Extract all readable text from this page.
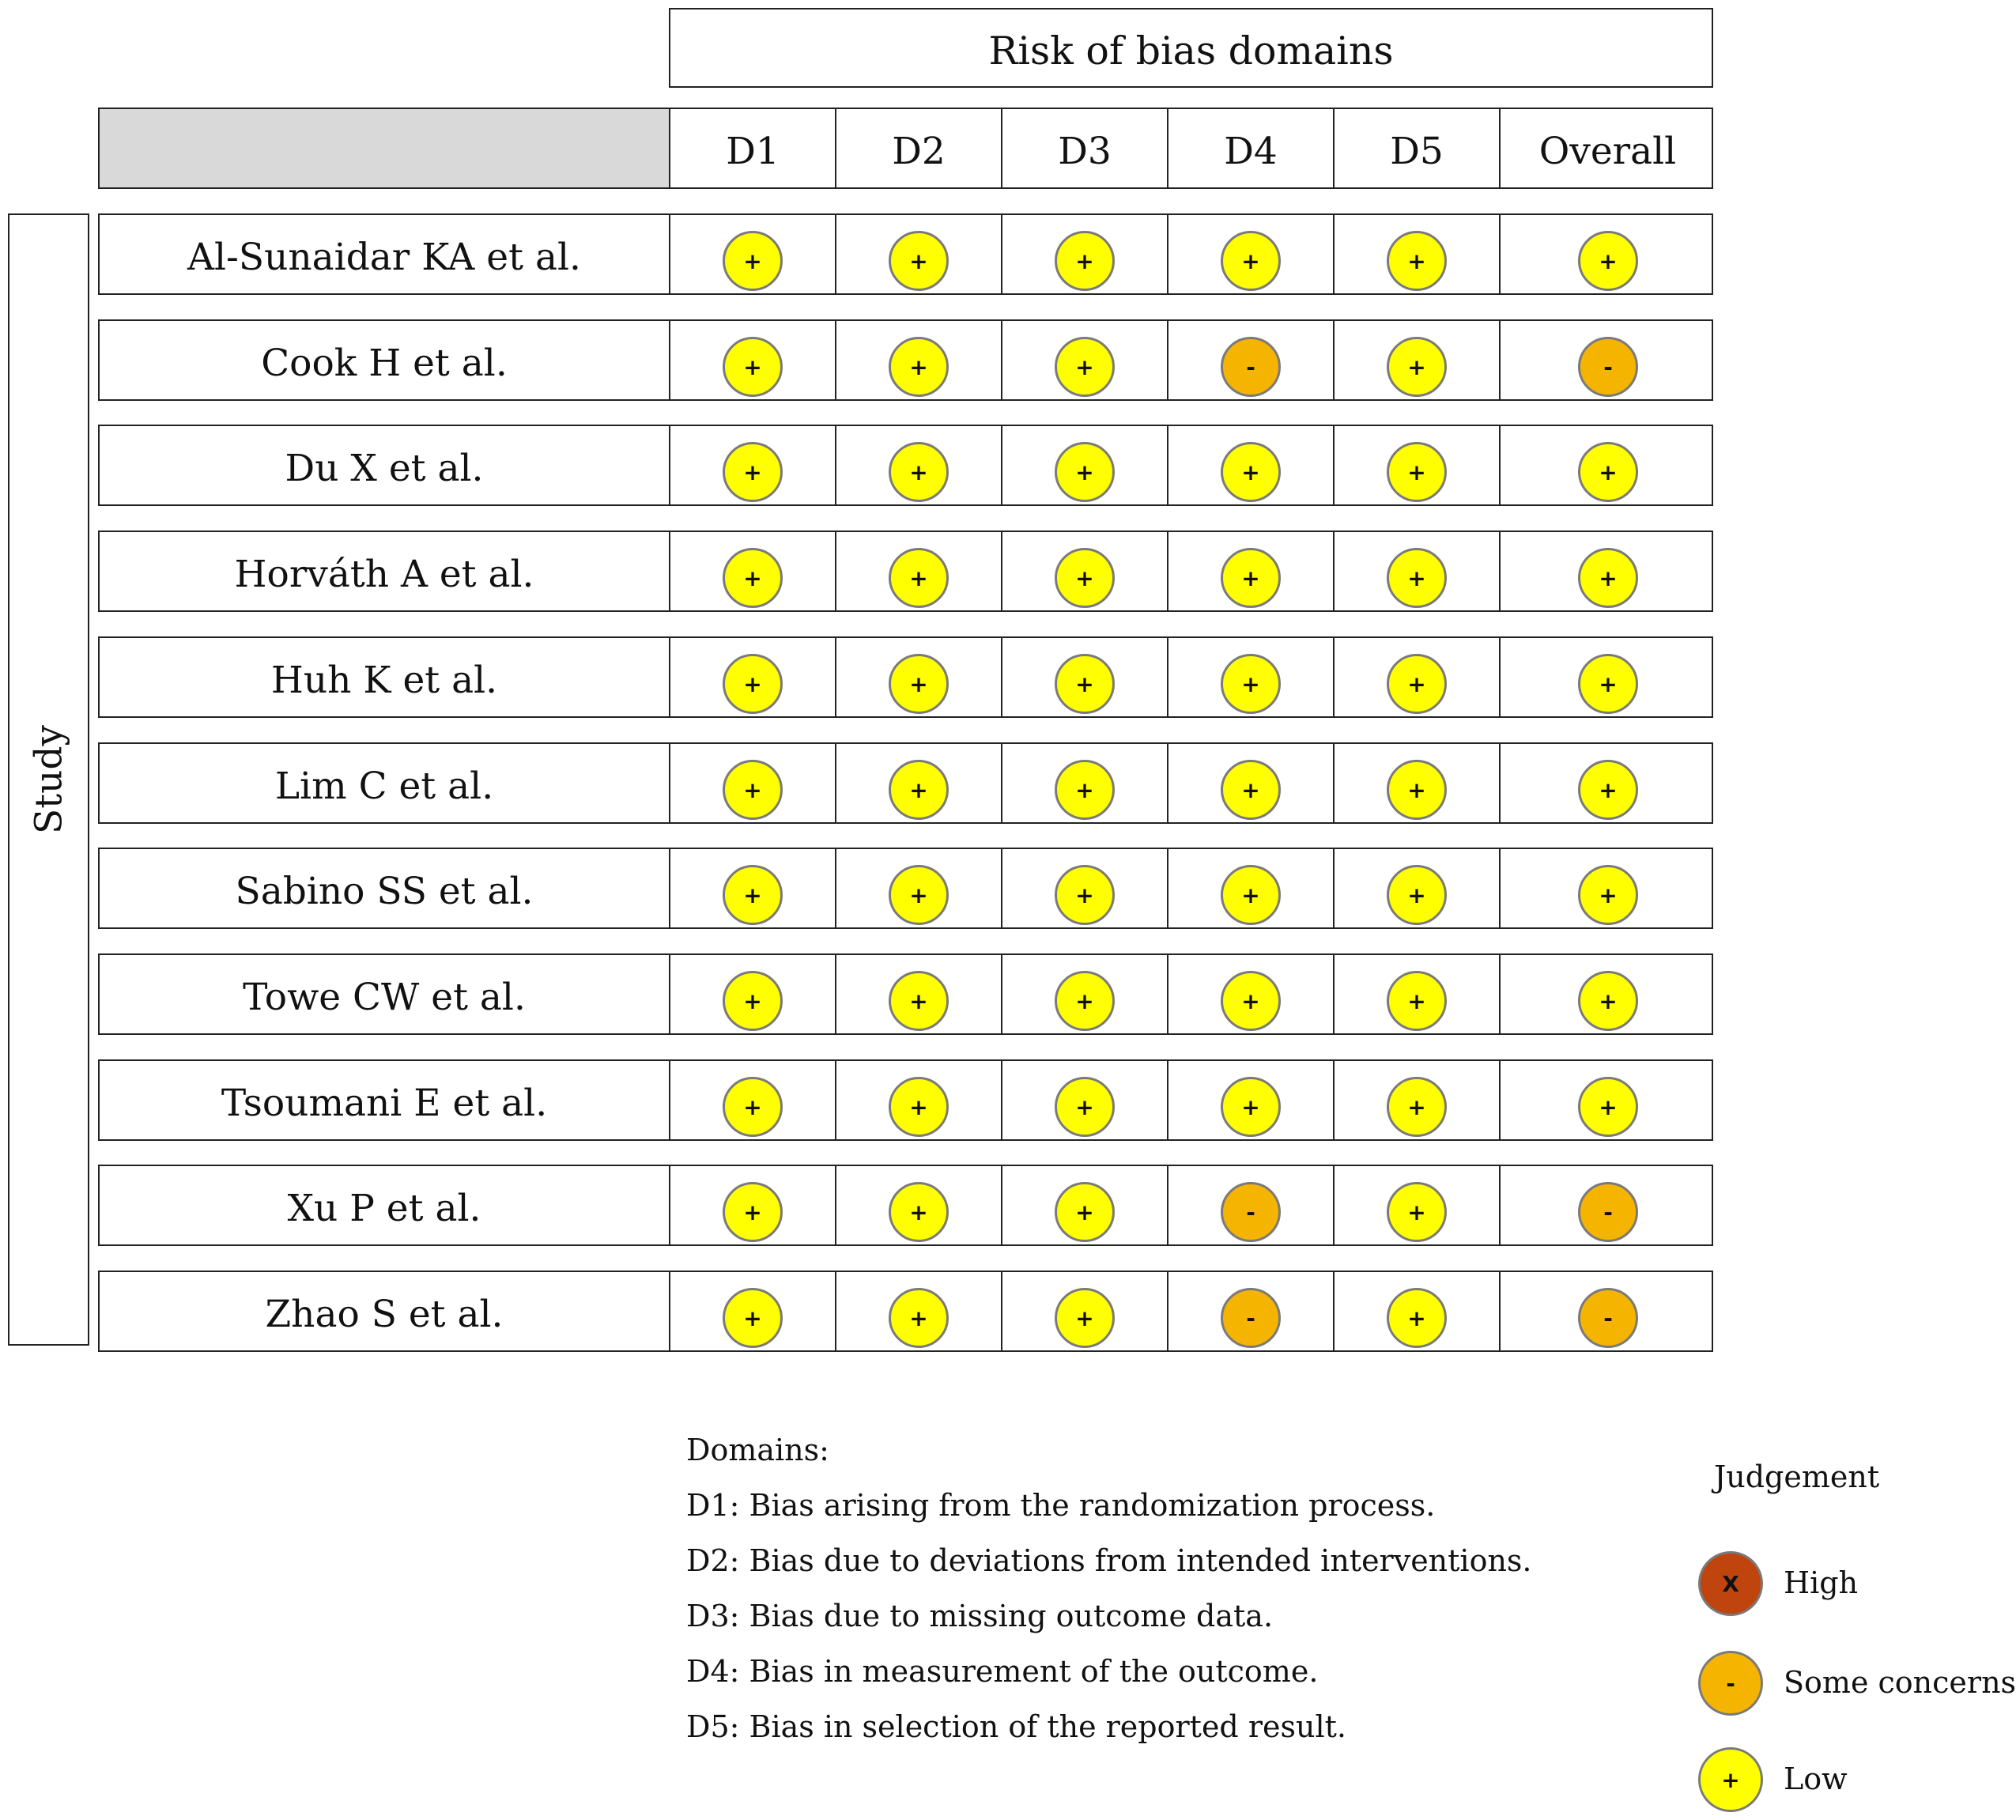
Risk of bias domains
D1	D2	D3	D4	D5	Overall
Study
Domains:
D1: Bias arising from the randomization process.
D2: Bias due to deviations from intended interventions.
D3: Bias due to missing outcome data.
D4: Bias in measurement of the outcome.
D5: Bias in selection of the reported result.
Judgement
X	High
-	Some concerns
+	Low
Al-Sunaidar KA et al.	+	+	+	+	+	+
Cook H et al.	+	+	+	-	+	-
Du X et al.	+	+	+	+	+	+
Horváth A et al.	+	+	+	+	+	+
Huh K et al.	+	+	+	+	+	+
Lim C et al.	+	+	+	+	+	+
Sabino SS et al.	+	+	+	+	+	+
Towe CW et al.	+	+	+	+	+	+
Tsoumani E et al.	+	+	+	+	+	+
Xu P et al.	+	+	+	-	+	-
Zhao S et al.	+	+	+	-	+	-
